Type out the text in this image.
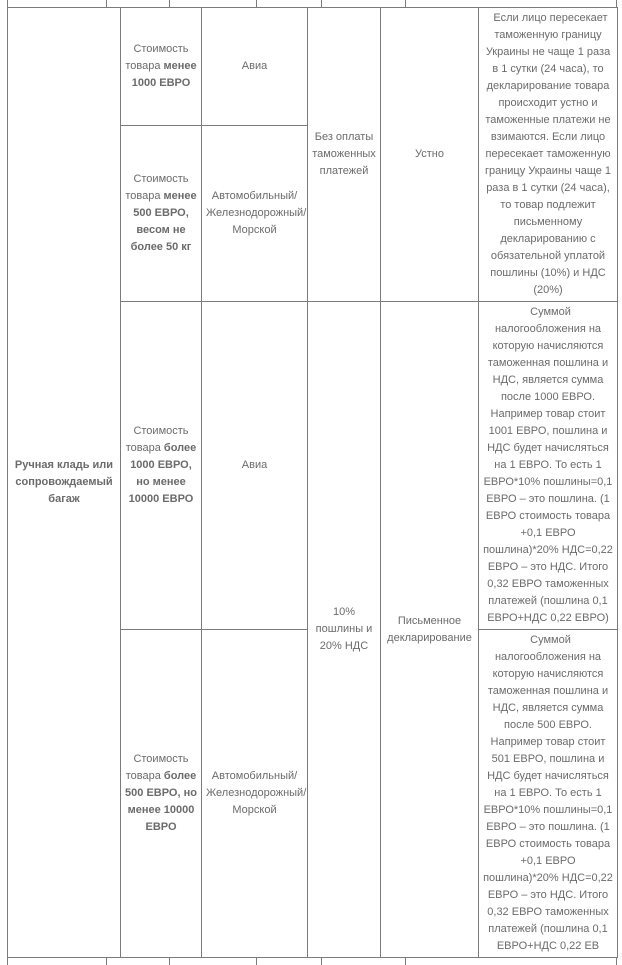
Ручная кладь или сопровождаемый багаж	Стоимость товара менее 1000 ЕВРО	Авиа	Без оплаты таможенных платежей	Устно	Если лицо пересекает таможенную границу Украины не чаще 1 раза в 1 сутки (24 часа), то декларирование товара происходит устно и таможенные платежи не взимаются. Если лицо пересекает таможенную границу Украины чаще 1 раза в 1 сутки (24 часа), то товар подлежит письменному декларированию с обязательной уплатой пошлины (10%) и НДС (20%)
	Стоимость товара менее 500 ЕВРО, весом не более 50 кг	Автомобильный/ Железнодорожный/ Морской			
	Стоимость товара более 1000 ЕВРО, но менее 10000 ЕВРО	Авиа	10% пошлины и 20% НДС	Письменное декларирование	Суммой налогообложения на которую начисляются таможенная пошлина и НДС, является сумма после 1000 ЕВРО. Например товар стоит 1001 ЕВРО, пошлина и НДС будет начисляться на 1 ЕВРО. То есть 1 ЕВРО*10% пошлины=0,1 ЕВРО – это пошлина. (1 ЕВРО стоимость товара +0,1 ЕВРО пошлина)*20% НДС=0,22 ЕВРО – это НДС. Итого 0,32 ЕВРО таможенных платежей (пошлина 0,1 ЕВРО+НДС 0,22 ЕВРО)
	Стоимость товара более 500 ЕВРО, но менее 10000 ЕВРО	Автомобильный/ Железнодорожный/ Морской			Суммой налогообложения на которую начисляются таможенная пошлина и НДС, является сумма после 500 ЕВРО. Например товар стоит 501 ЕВРО, пошлина и НДС будет начисляться на 1 ЕВРО. То есть 1 ЕВРО*10% пошлины=0,1 ЕВРО – это пошлина. (1 ЕВРО стоимость товара +0,1 ЕВРО пошлина)*20% НДС=0,22 ЕВРО – это НДС. Итого 0,32 ЕВРО таможенных платежей (пошлина 0,1 ЕВРО+НДС 0,22 ЕВ
